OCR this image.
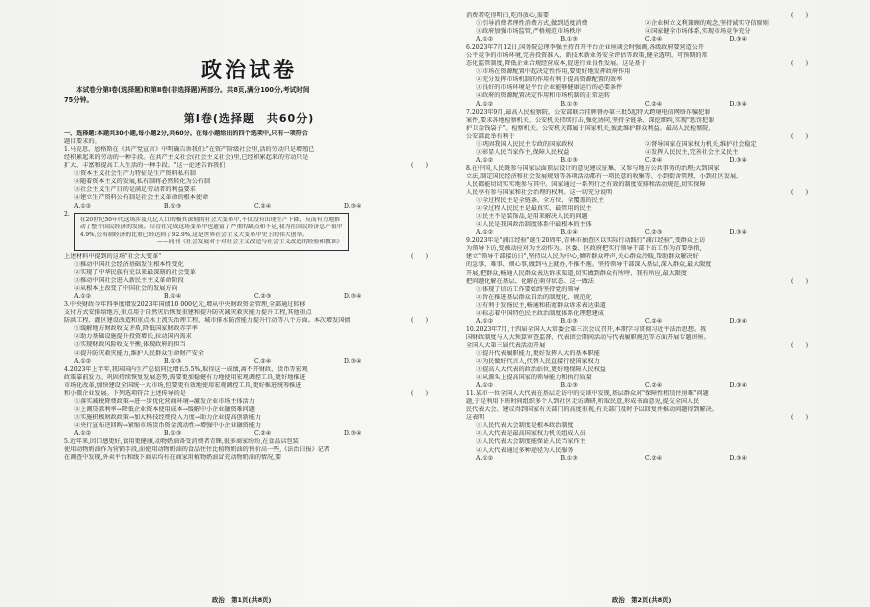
政治试卷
本试卷分第Ⅰ卷(选择题)和第Ⅱ卷(非选择题)两部分。共8页,满分100分,考试时间
75分钟。
第Ⅰ卷(选择题　共60分)
一、选择题:本题共30小题,每小题2分,共60分。在每小题给出的四个选项中,只有一项符合
题目要求的。
1.马克思、恩格斯在《共产党宣言》中明确告诉我们:"在资产阶级社会里,活的劳动只是增殖已
经积累起来的劳动的一种手段。在共产主义社会(社会主义社会)里,已经积累起来的劳动只是
扩大、丰富和提高工人生活的一种手段。"这一论述告诉我们	(　　)
①资本主义社会生产力特征是生产资料私有制
②随着资本主义的发展,私有制将必然转化为公有制
③社会主义生产目的是满足劳动者的利益要求
④建立生产资料公有制是社会主义革命的根本使命
A.①②	B.①③	C.②④	D.③④
2.
在20世纪50年代这场涉及几亿人口的极其深刻的社会大变革中,不仅没有出现生产下降、反而有力地推
动了整个国民经济的发展。尽管在完成这场变革中也遗留了严重的缺点和不足,我为在国民经济总产值中
4.9%,公有制经济的比重已经达到了92.9%,这是世界社会主义大变革中史上的伟大创举。
——同刊《社会发展对于对社会主义改造与社会主义改造的经验和教训》
上述材料中提到的这场"社会大变革"	(　　)
①推动中国社会经济基础发生根本性变化
②实现了中华民族有史以来最深刻的社会变革
③推动中国社会进入新民主主义革命阶段
④从根本上改变了中国社会的发展方向
A.①②	B.①④	C.②③	D.③④
3.中央财政今年四季度增发2023年国债10 000亿元,增从中央财政资金管理,全部通过转移
支付方式安排给地方,重点用于自然灾后恢复重建和提升防灾减灾救灾能力提升工程,其他重点
防洪工程、灌区建设改造和重点水土流失治理工程、城市排水防涝能力提升行动等八个方面。本次增发国债	(　　)
①缓解地方财政收支矛盾,降低国家财政赤字率
②助力基础设施提升投资增长,拉动国内需求
③实现财政风险收支平衡,体现政府的担当
④提升防灾救灾能力,维护人民群众生命财产安全
A.①②	B.①③	C.②④	D.③④
4.2023年上半年,我国国内生产总值同比增长5.5%,取得这一成绩,离不开财政、货币等宏观
政策靠前发力。巩固持续恢复发展态势,需要更加稳健有力地使用宏观调控工具,更好地推进
市场化改革,加快建设全国统一大市场,但要更有效地使用宏观调控工具,更好推进统筹推进
和小微企业发展。下列选项符合上述传导的是	(　　)
①落实减税降费政策→进一步优化营商环境→激发企业市场主体活力
②上调贷款利率→降低企业资本使用成本→缓解中小企业融资难问题
③实施积极财政政策→加大科技经费投入力度→助力企业提高创新能力
④央行宣布逆回购→紧缩市场货币资金流动性→增强中小企业融资能力
A.①②	B.①③	C.②④	D.③④
5.近年来,因口感更好,食用更健康,动物奶油备受消费者青睐,很多商家纷纷,在食品店包装
使用动物奶油作为营销手段,而使用动物奶油的食品往往比植物奶油的售价高一些,《法治日报》记者
在调查中发现,外卖平台和线下商店均有在商家用植物奶油冒充动物奶油的情况,要
消费者吃得明白,吃得放心,需要	(　　)
①引导消费者理性消费方式,做到适度消费	②企业树立义利兼顾的观念,坚持诚实守信原则
③政府加强市场监管,严格规范市场秩序	④国家健全市场体系,实现市场竞争充分
A.①②	B.①③	C.②④	D.③④
6.2023年7月12日,国务院总理李强主持召开平台企业座谈会时强调,各级政府要营造公开
公平竞争的市场环境,完善投资准入、新技术新业务安全评估等政策,健全透明、可预期的常
态化监管制度,降低企业合规经营成本,促进行业良性发展。这是基于	(　　)
①市场在资源配置中起决定性作用,要更好地发挥政府作用
②充分发挥市场机制的作用有利于提高资源配置的效率
③良好的市场环境是平台企业能够健康运行的必要条件
④政府的资源配置决定作用和市场机制的正常运转
A.①②	B.①③	C.②④	D.③④
7.2023年9月,最高人民检察院、公安部联合挂牌督办第三批5起特大跨境电信网络诈骗犯罪
案件,要求各地检察机关、公安机关持续打击,强化协同,坚持全链条、深挖细纠,实现"惩罚犯罪
护卫金钱袋子"。检察机关、公安机关都属于国家机关,彼此维护群众利益。最高人民检察院、
公安部此举有利于	(　　)
①巩固我国人民民主专政的国家政权	②督导国家在国家权力机关,维护社会稳定
③彰显人民当家作主,保障人民权益	④发挥人民民主,完善社会主义民主
A.①②	B.①③	C.②④	D.③④
8.在中国,人民既参与国家层面顶层设计的意见建议征集、又参与地方公共事务的治理;大到国家
立法,制定国民经济和社会发展规划等各项活动都有一项民意的收集等、小到街舍管理、小到社区发展、
人民都能切切实实地参与其中。国家通过一系列行之有效的制度安排和活动规范,切实保障
人民享有参与国家和社会治理的权利。这一切充分说明	(　　)
①全过程民主是全链条、全方位、全覆盖的民主
②全过程人民民主是最真实、最管用的民主
③民主不是装饰品,是用来解决人民的问题
④人民是我国政治制度体系中最根本的主体
A.①②	B.①④	C.②③	D.③④
9.2023年是"浦江经验"诞生20周年,青林市抽查区以实际行动践行"浦江经验",变群众上访
为领导下访,变被动应对为主动作为。区委、区政府把实行领导干部下访工作为首要举措,
建立"领导干部接访日",坚持以人民为中心,倾听群众呼声,关心群众冷暖,帮助群众解决好
的急事、难事、烦心事,做到马上就办,不推不拖。坚持领导干部深入基层,深入群众,最大限度
开展,把群众,畅通人民群众表达诉求渠道,切实做到群众有所呼、我有所应,最大限度
把问题化解在基层、化解在萌芽状态。这一做法	(　　)
①体现了信访工作要始终坚持党的领导
②旨在推进基层群众自治的制度化、规范化
③有利于发扬民主,畅通和拓宽群众诉求表达渠道
④标志着中国特色民主政治制度体系化理想建成
A.①②	B.①③	C.②④	D.③④
10.2023年7月,十四届全国人大常委会第三次会议召开,本期学习贯彻习近平法治思想。我
国财政制度与人大预算审查监督、代表团会期间活动与代表履职规范等方面开展专题讲座。
全国人大第三届代表活动开展	(　　)
①提升代表履职能力,更好发挥人大的基本职能
②为民做好代言人,代替人民直接行使国家权力
③提高人大代表的政治站位,更好地保障人民权益
④从源头上提高国家的领导能力和执行质量
A.①②	B.①③	C.②④	D.③④
11.某市一位全国人大代表在基层走访中的交谈中发现,基层群众对"保障性租赁住房难"问题
题,于是利用下班时间组织多个人到社区走访调研,听取民意,形成书面意见,提交全国人民
民代表大会。建议得到国家有关部门的高度重视,有关部门及时予以回复并推动问题得到解决。
这表明	(　　)
①人民代表大会制度是根本政治制度
②人大代表是最高国家权力机关组成人员
③人民代表大会制度能保证人民当家作主
④人大代表通过多种途径为人民服务
A.①②	B.①③	C.②④	D.③④
政治　第1页(共8页)	政治　第2页(共8页)
